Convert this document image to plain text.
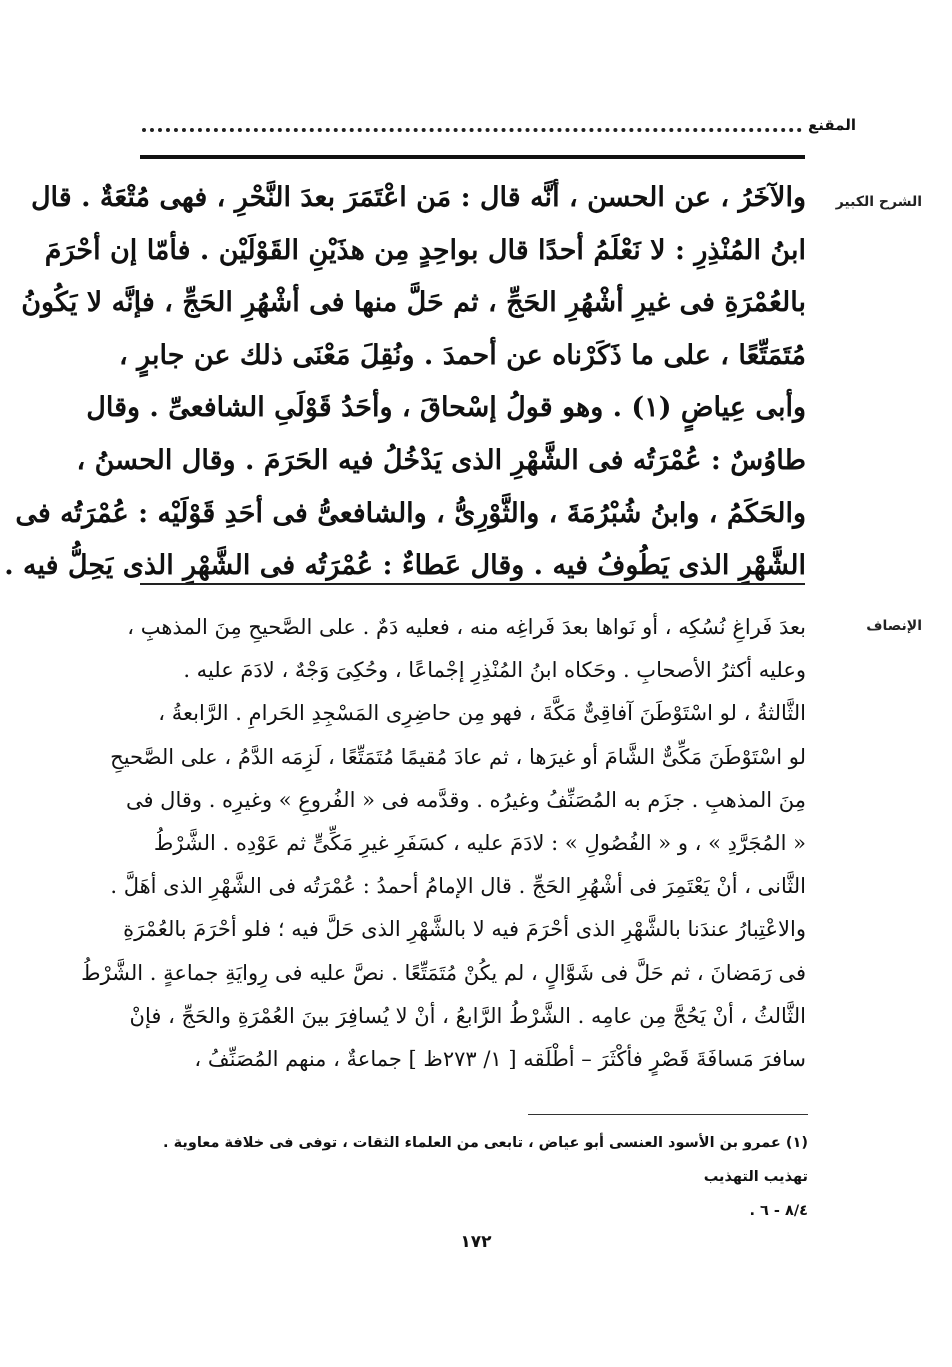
المقنع
الشرح الكبير
والآخَرُ ، عن الحسن ، أنَّه قال : مَن اعْتَمَرَ بعدَ النَّحْرِ ، فهى مُتْعَةٌ . قال
ابنُ المُنْذِرِ : لا نَعْلَمُ أحدًا قال بواحِدٍ مِن هذَيْنِ القَوْلَيْن . فأمّا إن أحْرَمَ
بالعُمْرَةِ فى غيرِ أشْهُرِ الحَجِّ ، ثم حَلَّ منها فى أشْهُرِ الحَجِّ ، فإنَّه لا يَكُونُ
مُتَمَتِّعًا ، على ما ذَكَرْناه عن أحمدَ . ونُقِلَ مَعْنَى ذلك عن جابرٍ ،
وأبى عِياضٍ (١) . وهو قولُ إسْحاقَ ، وأحَدُ قَوْلَىِ الشافعىِّ . وقال
طاوُسٌ : عُمْرَتُه فى الشَّهْرِ الذى يَدْخُلُ فيه الحَرَمَ . وقال الحسنُ ،
والحَكَمُ ، وابنُ شُبْرُمَةَ ، والثَّوْرِىُّ ، والشافعىُّ فى أحَدِ قَوْلَيْه : عُمْرَتُه فى
الشَّهْرِ الذى يَطُوفُ فيه . وقال عَطاءٌ : عُمْرَتُه فى الشَّهْرِ الذى يَحِلُّ فيه .
الإنصاف
بعدَ فَراغِ نُسُكِه ، أو نَواها بعدَ فَراغِه منه ، فعليه دَمٌ . على الصَّحيحِ مِنَ المذهبِ ،
وعليه أكثرُ الأصحابِ . وحَكاه ابنُ المُنْذِرِ إجْماعًا ، وحُكِىَ وَجْهٌ ، لادَمَ عليه .
الثَّالثةُ ، لو اسْتَوْطَنَ آفاقِىٌّ مَكَّةَ ، فهو مِن حاضِرِى المَسْجِدِ الحَرامِ . الرَّابعةُ ،
لو اسْتَوْطَنَ مَكِّىٌّ الشَّامَ أو غيرَها ، ثم عادَ مُقيمًا مُتَمَتِّعًا ، لَزِمَه الدَّمُ ، على الصَّحيحِ
مِنَ المذهبِ . جزَم به المُصَنِّفُ وغيرُه . وقدَّمه فى « الفُروعِ » وغيرِه . وقال فى
« المُجَرَّدِ » ، و « الفُصُولِ » : لادَمَ عليه ، كسَفَرِ غيرِ مَكِّىٍّ ثم عَوْدِه . الشَّرْطُ
الثَّانى ، أنْ يَعْتَمِرَ فى أشْهُرِ الحَجِّ . قال الإمامُ أحمدُ : عُمْرَتُه فى الشَّهْرِ الذى أهَلَّ .
والاعْتِبارُ عندَنا بالشَّهْرِ الذى أحْرَمَ فيه لا بالشَّهْرِ الذى حَلَّ فيه ؛ فلو أحْرَمَ بالعُمْرَةِ
فى رَمَضانَ ، ثم حَلَّ فى شَوَّالٍ ، لم يكُنْ مُتَمَتِّعًا . نصَّ عليه فى رِوايَةِ جماعةٍ . الشَّرْطُ
الثَّالثُ ، أنْ يَحُجَّ مِن عامِه . الشَّرْطُ الرَّابعُ ، أنْ لا يُسافِرَ بينَ العُمْرَةِ والحَجِّ ، فإنْ
سافرَ مَسافَةَ قَصْرٍ فأكْثَرَ – أطْلَقه [ ١/ ٢٧٣ظ ] جماعةٌ ، منهم المُصَنِّفُ ،
(١) عمرو بن الأسود العنسى أبو عياض ، تابعى من العلماء الثقات ، توفى فى خلافة معاوية . تهذيب التهذيب
٨/٤ - ٦ .
١٧٢
